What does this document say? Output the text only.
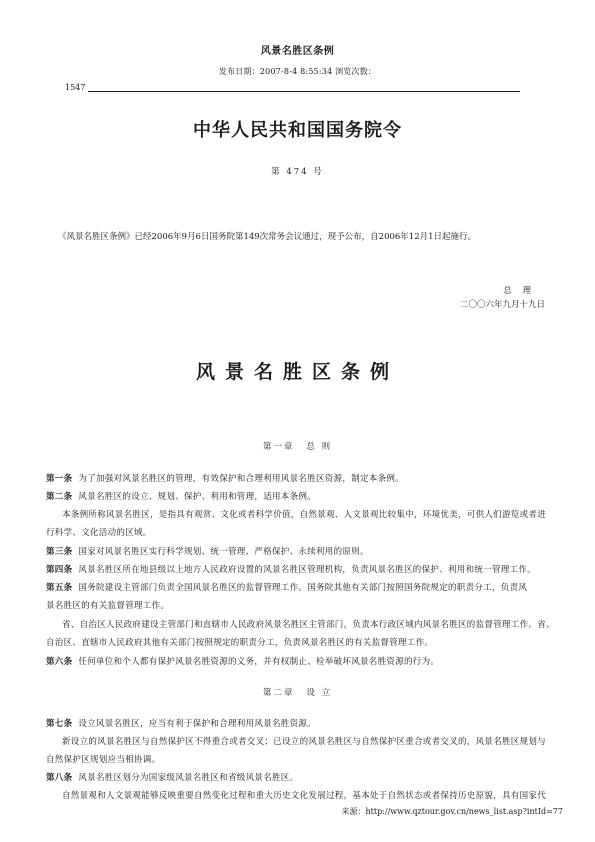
风景名胜区条例
发布日期：2007-8-4 8:55:34 浏览次数：
1547
中华人民共和国国务院令
第 474 号
《风景名胜区条例》已经2006年9月6日国务院第149次常务会议通过，现予公布，自2006年12月1日起施行。
总 理
二〇〇六年九月十九日
风景名胜区条例
第一章 总 则
第一条 为了加强对风景名胜区的管理，有效保护和合理利用风景名胜区资源，制定本条例。
第二条 风景名胜区的设立、规划、保护、利用和管理，适用本条例。
本条例所称风景名胜区，是指具有观赏、文化或者科学价值，自然景观、人文景观比较集中，环境优美，可供人们游览或者进
行科学、文化活动的区域。
第三条 国家对风景名胜区实行科学规划、统一管理、严格保护、永续利用的原则。
第四条 风景名胜区所在地县级以上地方人民政府设置的风景名胜区管理机构，负责风景名胜区的保护、利用和统一管理工作。
第五条 国务院建设主管部门负责全国风景名胜区的监督管理工作。国务院其他有关部门按照国务院规定的职责分工，负责风
景名胜区的有关监督管理工作。
省、自治区人民政府建设主管部门和直辖市人民政府风景名胜区主管部门，负责本行政区域内风景名胜区的监督管理工作。省、
自治区、直辖市人民政府其他有关部门按照规定的职责分工，负责风景名胜区的有关监督管理工作。
第六条 任何单位和个人都有保护风景名胜资源的义务，并有权制止、检举破坏风景名胜资源的行为。
第二章 设 立
第七条 设立风景名胜区，应当有利于保护和合理利用风景名胜资源。
新设立的风景名胜区与自然保护区不得重合或者交叉；已设立的风景名胜区与自然保护区重合或者交叉的，风景名胜区规划与
自然保护区规划应当相协调。
第八条 风景名胜区划分为国家级风景名胜区和省级风景名胜区。
自然景观和人文景观能够反映重要自然变化过程和重大历史文化发展过程，基本处于自然状态或者保持历史原貌，具有国家代
来源：http://www.qztour.gov.cn/news_list.asp?intId=77
